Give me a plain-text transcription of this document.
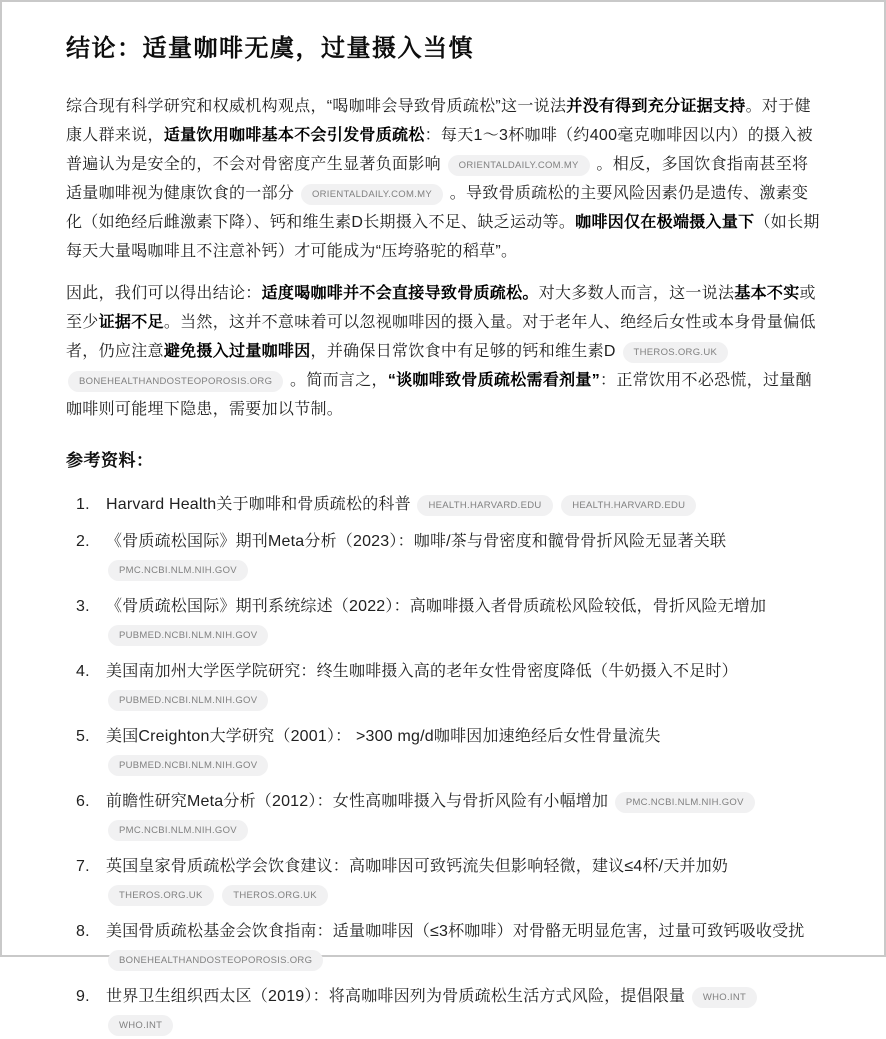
结论：适量咖啡无虞，过量摄入当慎

综合现有科学研究和权威机构观点，“喝咖啡会导致骨质疏松”这一说法并没有得到充分证据支持。对于健康人群来说，适量饮用咖啡基本不会引发骨质疏松：每天1～3杯咖啡（约400毫克咖啡因以内）的摄入被普遍认为是安全的，不会对骨密度产生显著负面影响 ORIENTALDAILY.COM.MY 。相反，多国饮食指南甚至将适量咖啡视为健康饮食的一部分 ORIENTALDAILY.COM.MY 。导致骨质疏松的主要风险因素仍是遗传、激素变化（如绝经后雌激素下降）、钙和维生素D长期摄入不足、缺乏运动等。咖啡因仅在极端摄入量下（如长期每天大量喝咖啡且不注意补钙）才可能成为“压垮骆驼的稻草”。

因此，我们可以得出结论：适度喝咖啡并不会直接导致骨质疏松。对大多数人而言，这一说法基本不实或至少证据不足。当然，这并不意味着可以忽视咖啡因的摄入量。对于老年人、绝经后女性或本身骨量偏低者，仍应注意避免摄入过量咖啡因，并确保日常饮食中有足够的钙和维生素D THEROS.ORG.UK BONEHEALTHANDOSTEOPOROSIS.ORG 。简而言之，“谈咖啡致骨质疏松需看剂量”：正常饮用不必恐慌，过量酗咖啡则可能埋下隐患，需要加以节制。

参考资料：
1.	Harvard Health关于咖啡和骨质疏松的科普 HEALTH.HARVARD.EDU	HEALTH.HARVARD.EDU
2.	《骨质疏松国际》期刊Meta分析（2023）：咖啡/茶与骨密度和髋骨骨折风险无显著关联 PMC.NCBI.NLM.NIH.GOV
3.	《骨质疏松国际》期刊系统综述（2022）：高咖啡摄入者骨质疏松风险较低，骨折风险无增加 PUBMED.NCBI.NLM.NIH.GOV
4.	美国南加州大学医学院研究：终生咖啡摄入高的老年女性骨密度降低（牛奶摄入不足时） PUBMED.NCBI.NLM.NIH.GOV
5.	美国Creighton大学研究（2001）： >300 mg/d咖啡因加速绝经后女性骨量流失 PUBMED.NCBI.NLM.NIH.GOV
6.	前瞻性研究Meta分析（2012）：女性高咖啡摄入与骨折风险有小幅增加 PMC.NCBI.NLM.NIH.GOV PMC.NCBI.NLM.NIH.GOV
7.	英国皇家骨质疏松学会饮食建议：高咖啡因可致钙流失但影响轻微，建议≤4杯/天并加奶 THEROS.ORG.UK	THEROS.ORG.UK
8.	美国骨质疏松基金会饮食指南：适量咖啡因（≤3杯咖啡）对骨骼无明显危害，过量可致钙吸收受扰 BONEHEALTHANDOSTEOPOROSIS.ORG
9.	世界卫生组织西太区（2019）：将高咖啡因列为骨质疏松生活方式风险，提倡限量 WHO.INT WHO.INT
